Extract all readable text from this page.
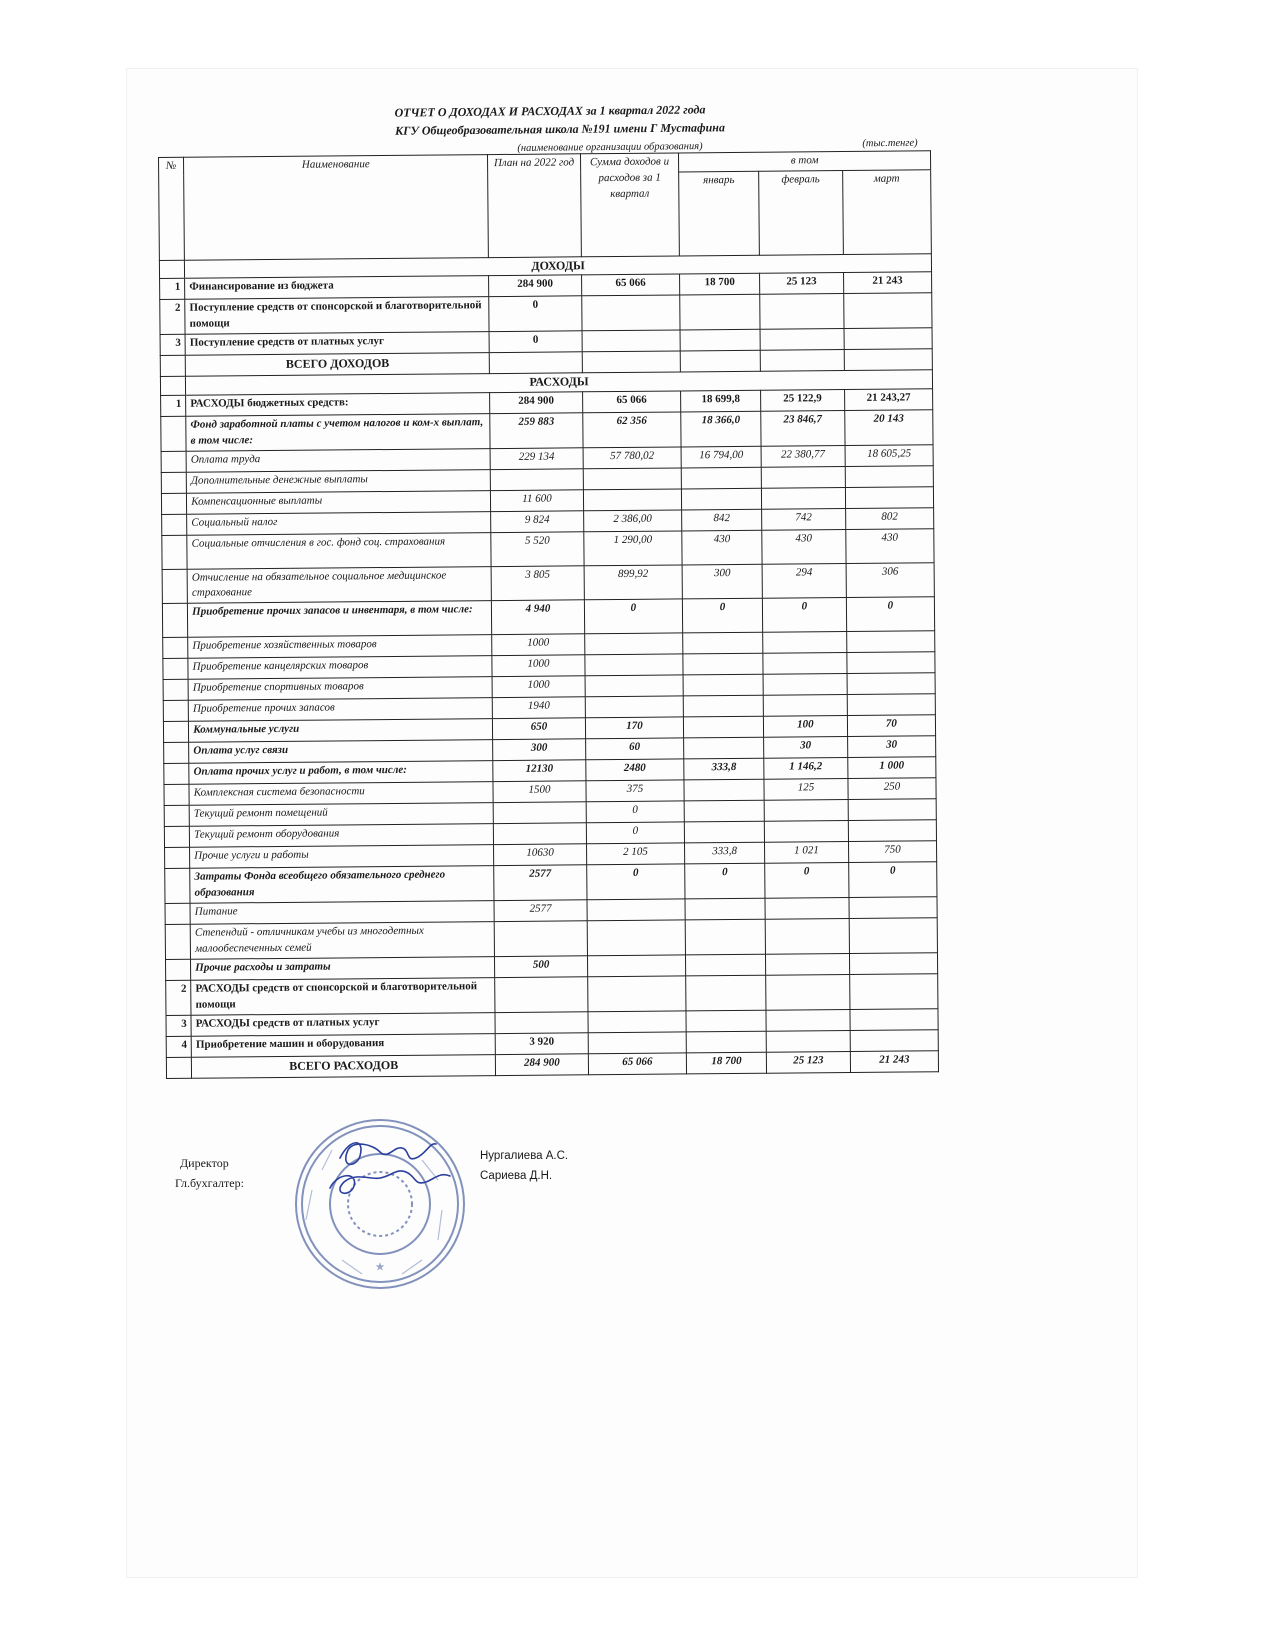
ОТЧЕТ О ДОХОДАХ И РАСХОДАХ за 1 квартал 2022 года
КГУ Общеобразовательная школа №191 имени Г Мустафина
(наименование организации образования)	(тыс.тенге)
№	Наименование	План на 2022 год	Сумма доходов и расходов за 1 квартал	в том		
				январь	февраль	март
	ДОХОДЫ					
1	Финансирование из бюджета	284 900	65 066	18 700	25 123	21 243
2	Поступление средств от спонсорской и благотворительной помощи	0				
3	Поступление средств от платных услуг	0				
	ВСЕГО ДОХОДОВ					
	РАСХОДЫ					
1	РАСХОДЫ бюджетных средств:	284 900	65 066	18 699,8	25 122,9	21 243,27
	Фонд заработной платы с учетом налогов и ком-х выплат, в том числе:	259 883	62 356	18 366,0	23 846,7	20 143
	Оплата труда	229 134	57 780,02	16 794,00	22 380,77	18 605,25
	Дополнительные денежные выплаты					
	Компенсационные выплаты	11 600				
	Социальный налог	9 824	2 386,00	842	742	802
	Социальные отчисления в гос. фонд соц. страхования	5 520	1 290,00	430	430	430
	Отчисление на обязательное социальное медицинское страхование	3 805	899,92	300	294	306
	Приобретение прочих запасов и инвентаря, в том числе:	4 940	0	0	0	0
	Приобретение хозяйственных товаров	1000				
	Приобретение канцелярских товаров	1000				
	Приобретение спортивных товаров	1000				
	Приобретение прочих запасов	1940				
	Коммунальные услуги	650	170		100	70
	Оплата услуг связи	300	60		30	30
	Оплата прочих услуг и работ, в том числе:	12130	2480	333,8	1 146,2	1 000
	Комплексная система безопасности	1500	375		125	250
	Текущий ремонт помещений		0			
	Текущий ремонт оборудования		0			
	Прочие услуги и работы	10630	2 105	333,8	1 021	750
	Затраты Фонда всеобщего обязательного среднего образования	2577	0	0	0	0
	Питание	2577				
	Степендий - отличникам учебы из многодетных малообеспеченных семей					
	Прочие расходы и затраты	500				
2	РАСХОДЫ средств от спонсорской и благотворительной помощи					
3	РАСХОДЫ средств от платных услуг					
4	Приобретение машин и оборудования	3 920				
	ВСЕГО РАСХОДОВ	284 900	65 066	18 700	25 123	21 243
Директор
Гл.бухгалтер:
Нургалиева А.С.
Сариева Д.Н.
★
